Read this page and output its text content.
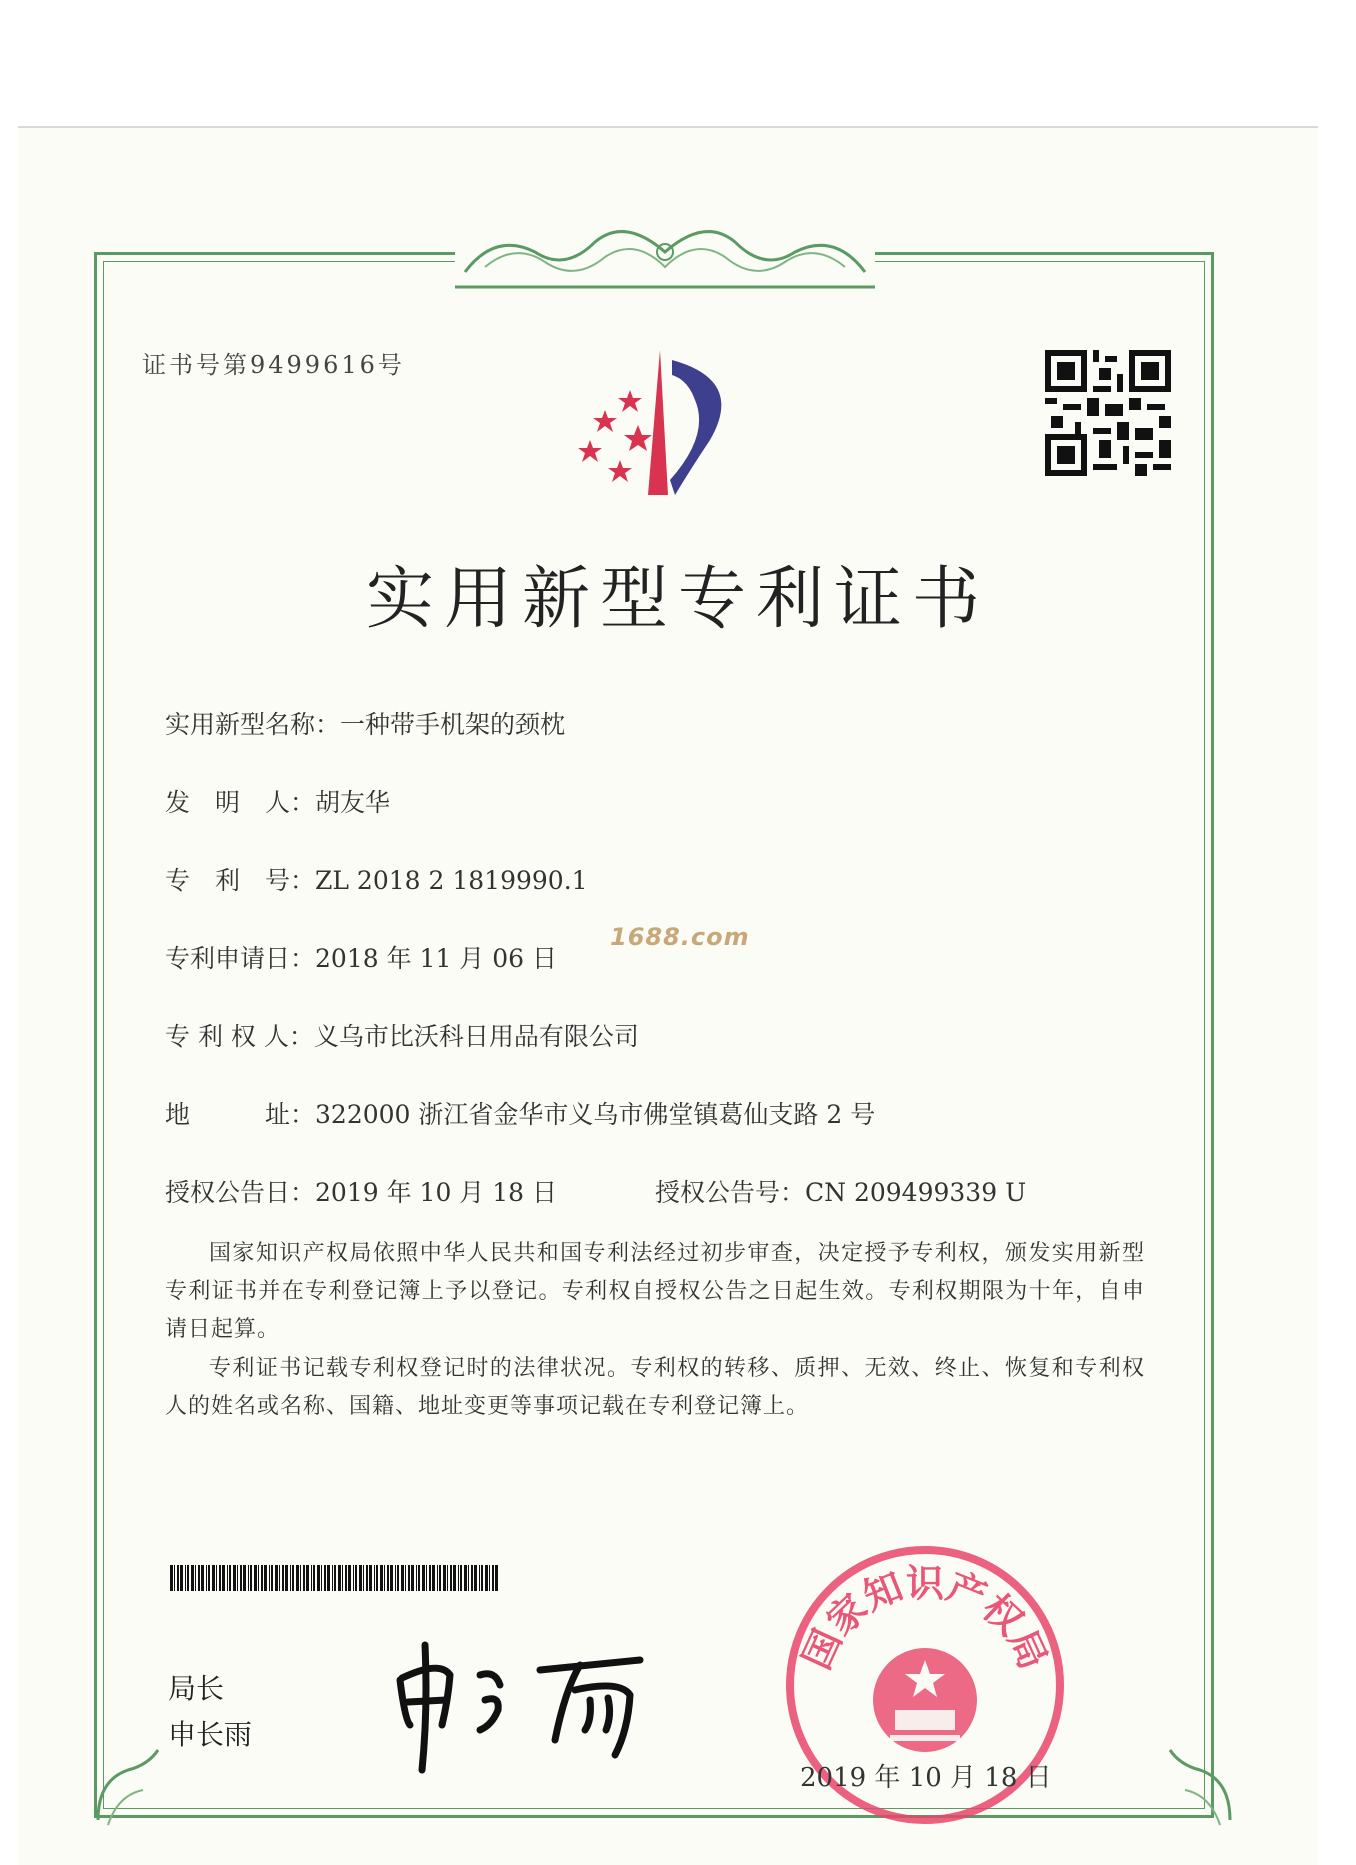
证书号第9499616号
实用新型专利证书
实用新型名称：一种带手机架的颈枕
发　明　人：胡友华
专　利　号：ZL 2018 2 1819990.1
专利申请日：2018 年 11 月 06 日
1688.com
专 利 权 人：义乌市比沃科日用品有限公司
地　　　址：322000 浙江省金华市义乌市佛堂镇葛仙支路 2 号
授权公告日：2019 年 10 月 18 日	授权公告号：CN 209499339 U
国家知识产权局依照中华人民共和国专利法经过初步审查，决定授予专利权，颁发实用新型专利证书并在专利登记簿上予以登记。专利权自授权公告之日起生效。专利权期限为十年，自申请日起算。
专利证书记载专利权登记时的法律状况。专利权的转移、质押、无效、终止、恢复和专利权人的姓名或名称、国籍、地址变更等事项记载在专利登记簿上。
局长
申长雨
国家知识产权局
2019 年 10 月 18 日
